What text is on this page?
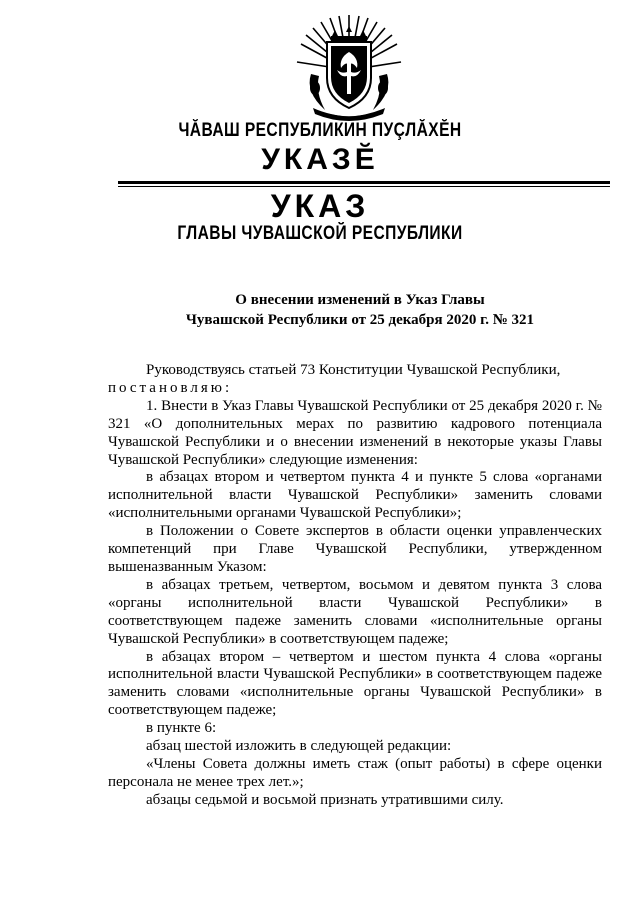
ЧĂВАШ РЕСПУБЛИКИН ПУÇЛĂХĔН
УКАЗĔ
УКАЗ
ГЛАВЫ ЧУВАШСКОЙ РЕСПУБЛИКИ
О внесении изменений в Указ Главы
Чувашской Республики от 25 декабря 2020 г. № 321

Руководствуясь статьей 73 Конституции Чувашской Республики,

постановляю:

1. Внести в Указ Главы Чувашской Республики от 25 декабря 2020 г. № 321 «О дополнительных мерах по развитию кадрового потенциала Чувашской Республики и о внесении изменений в некоторые указы Главы Чувашской Республики» следующие изменения:

в абзацах втором и четвертом пункта 4 и пункте 5 слова «органами исполнительной власти Чувашской Республики» заменить словами «исполнительными органами Чувашской Республики»;

в Положении о Совете экспертов в области оценки управленческих компетенций при Главе Чувашской Республики, утвержденном вышеназванным Указом:

в абзацах третьем, четвертом, восьмом и девятом пункта 3 слова «органы исполнительной власти Чувашской Республики» в соответствующем падеже заменить словами «исполнительные органы Чувашской Республики» в соответствующем падеже;

в абзацах втором – четвертом и шестом пункта 4 слова «органы исполнительной власти Чувашской Республики» в соответствующем падеже заменить словами «исполнительные органы Чувашской Республики» в соответствующем падеже;

в пункте 6:

абзац шестой изложить в следующей редакции:

«Члены Совета должны иметь стаж (опыт работы) в сфере оценки персонала не менее трех лет.»;

абзацы седьмой и восьмой признать утратившими силу.
